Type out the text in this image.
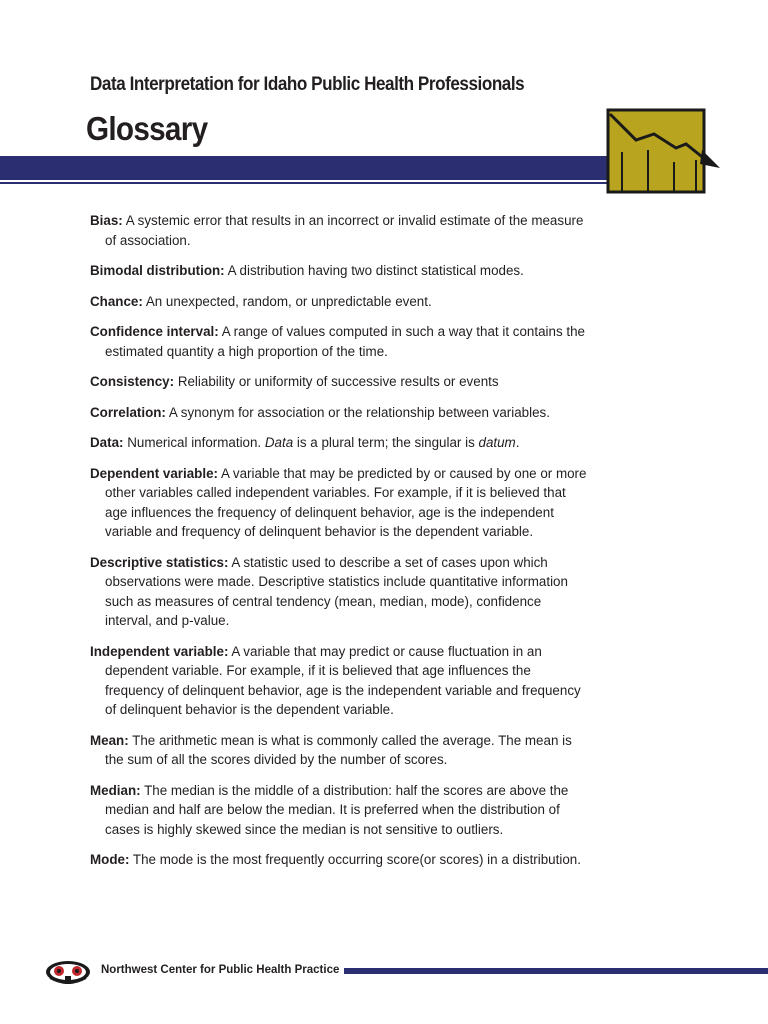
Data Interpretation for Idaho Public Health Professionals
Glossary

Bias: A systemic error that results in an incorrect or invalid estimate of the measure of association.

Bimodal distribution: A distribution having two distinct statistical modes.

Chance: An unexpected, random, or unpredictable event.

Confidence interval: A range of values computed in such a way that it contains the estimated quantity a high proportion of the time.

Consistency: Reliability or uniformity of successive results or events

Correlation: A synonym for association or the relationship between variables.

Data: Numerical information. Data is a plural term; the singular is datum.

Dependent variable: A variable that may be predicted by or caused by one or more other variables called independent variables. For example, if it is believed that age influences the frequency of delinquent behavior, age is the independent variable and frequency of delinquent behavior is the dependent variable.

Descriptive statistics: A statistic used to describe a set of cases upon which observations were made. Descriptive statistics include quantitative information such as measures of central tendency (mean, median, mode), confidence interval, and p-value.

Independent variable: A variable that may predict or cause fluctuation in an dependent variable. For example, if it is believed that age influences the frequency of delinquent behavior, age is the independent variable and frequency of delinquent behavior is the dependent variable.

Mean: The arithmetic mean is what is commonly called the average. The mean is the sum of all the scores divided by the number of scores.

Median: The median is the middle of a distribution: half the scores are above the median and half are below the median. It is preferred when the distribution of cases is highly skewed since the median is not sensitive to outliers.

Mode: The mode is the most frequently occurring score(or scores) in a distribution.

Northwest Center for Public Health Practice
